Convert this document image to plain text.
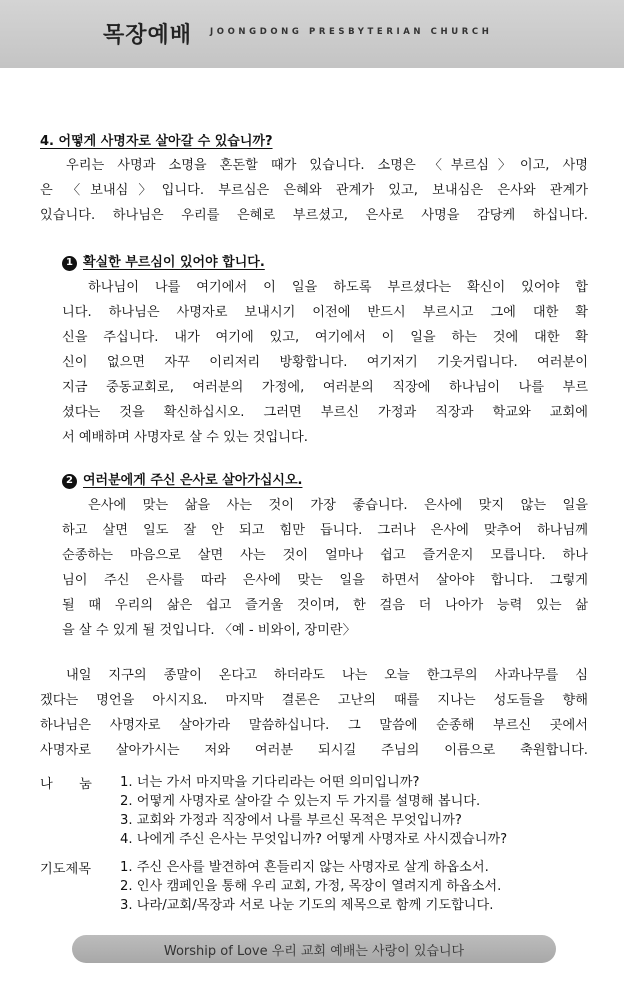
목장예배 JOONGDONG PRESBYTERIAN CHURCH

4. 어떻게 사명자로 살아갈 수 있습니까?

우리는 사명과 소명을 혼돈할 때가 있습니다. 소명은 〈부르심〉이고, 사명
은 〈보내심〉입니다. 부르심은 은혜와 관계가 있고, 보내심은 은사와 관계가
있습니다. 하나님은 우리를 은혜로 부르셨고, 은사로 사명을 감당케 하십니다.
1 확실한 부르심이 있어야 합니다.
하나님이 나를 여기에서 이 일을 하도록 부르셨다는 확신이 있어야 합
니다. 하나님은 사명자로 보내시기 이전에 반드시 부르시고 그에 대한 확
신을 주십니다. 내가 여기에 있고, 여기에서 이 일을 하는 것에 대한 확
신이 없으면 자꾸 이리저리 방황합니다. 여기저기 기웃거립니다. 여러분이
지금 중동교회로, 여러분의 가정에, 여러분의 직장에 하나님이 나를 부르
셨다는 것을 확신하십시오. 그러면 부르신 가정과 직장과 학교와 교회에
서 예배하며 사명자로 살 수 있는 것입니다.
2 여러분에게 주신 은사로 살아가십시오.
은사에 맞는 삶을 사는 것이 가장 좋습니다. 은사에 맞지 않는 일을
하고 살면 일도 잘 안 되고 힘만 듭니다. 그러나 은사에 맞추어 하나님께
순종하는 마음으로 살면 사는 것이 얼마나 쉽고 즐거운지 모릅니다. 하나
님이 주신 은사를 따라 은사에 맞는 일을 하면서 살아야 합니다. 그렇게
될 때 우리의 삶은 쉽고 즐거울 것이며, 한 걸음 더 나아가 능력 있는 삶
을 살 수 있게 될 것입니다. 〈예 - 비와이, 장미란〉
내일 지구의 종말이 온다고 하더라도 나는 오늘 한그루의 사과나무를 심
겠다는 명언을 아시지요. 마지막 결론은 고난의 때를 지나는 성도들을 향해
하나님은 사명자로 살아가라 말씀하십니다. 그 말씀에 순종해 부르신 곳에서
사명자로 살아가시는 저와 여러분 되시길 주님의 이름으로 축원합니다.
나　　눔	1. 너는 가서 마지막을 기다리라는 어떤 의미입니까?
2. 어떻게 사명자로 살아갈 수 있는지 두 가지를 설명해 봅니다.
3. 교회와 가정과 직장에서 나를 부르신 목적은 무엇입니까?
4. 나에게 주신 은사는 무엇입니까? 어떻게 사명자로 사시겠습니까?
기도제목	1. 주신 은사를 발견하여 흔들리지 않는 사명자로 살게 하옵소서.
2. 인사 캠페인을 통해 우리 교회, 가정, 목장이 열려지게 하옵소서.
3. 나라/교회/목장과 서로 나눈 기도의 제목으로 함께 기도합니다.
Worship of Love 우리 교회 예배는 사랑이 있습니다
